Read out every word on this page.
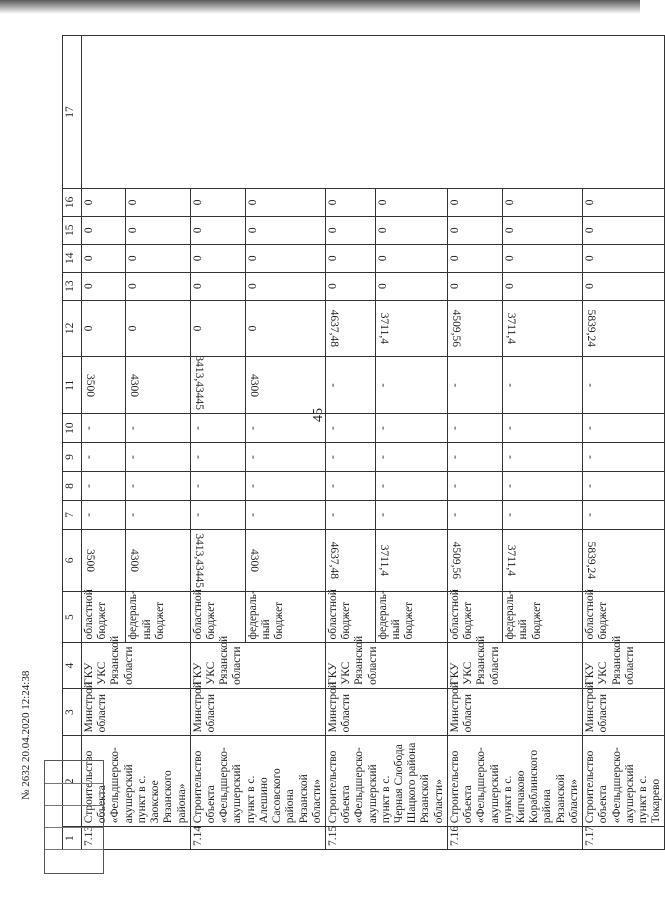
45
1	2	3	4	5	6	7	8	9	10	11	12	13	14	15	16	17
7.13	Строительство объекта «Фельдшерско-акушерский пункт в с. Заокское Рязанского района»	Минстрой области	ГКУ УКС Рязанской области	областной бюджет	3500	-	-	-	-	3500	0	0	0	0	0	
				федераль-ный бюджет	4300	-	-	-	-	4300	0	0	0	0	0	
7.14	Строительство объекта «Фельдшерско-акушерский пункт в с. Алешино Сасовского района Рязанской области»	Минстрой области	ГКУ УКС Рязанской области	областной бюджет	3413,43445	-	-	-	-	3413,43445	0	0	0	0	0	
				федераль-ный бюджет	4300	-	-	-	-	4300	0	0	0	0	0	
7.15	Строительство объекта «Фельдшерско-акушерский пункт в с. Черная Слобода Шацкого района Рязанской области»	Минстрой области	ГКУ УКС Рязанской области	областной бюджет	4637,48	-	-	-	-	-	4637,48	0	0	0	0	
				федераль-ный бюджет	3711,4	-	-	-	-	-	3711,4	0	0	0	0	
7.16	Строительство объекта «Фельдшерско-акушерский пункт в с. Кипчаково Кораблинского района Рязанской области»	Минстрой области	ГКУ УКС Рязанской области	областной бюджет	4509,56	-	-	-	-	-	4509,56	0	0	0	0	
				федераль-ный бюджет	3711,4	-	-	-	-	-	3711,4	0	0	0	0	
7.17	Строительство объекта «Фельдшерско-акушерский пункт в с. Токарево	Минстрой области	ГКУ УКС Рязанской области	областной бюджет	5839,24	-	-	-	-	-	5839,24	0	0	0	0	
№ 2632 20.04.2020 12:24:38
